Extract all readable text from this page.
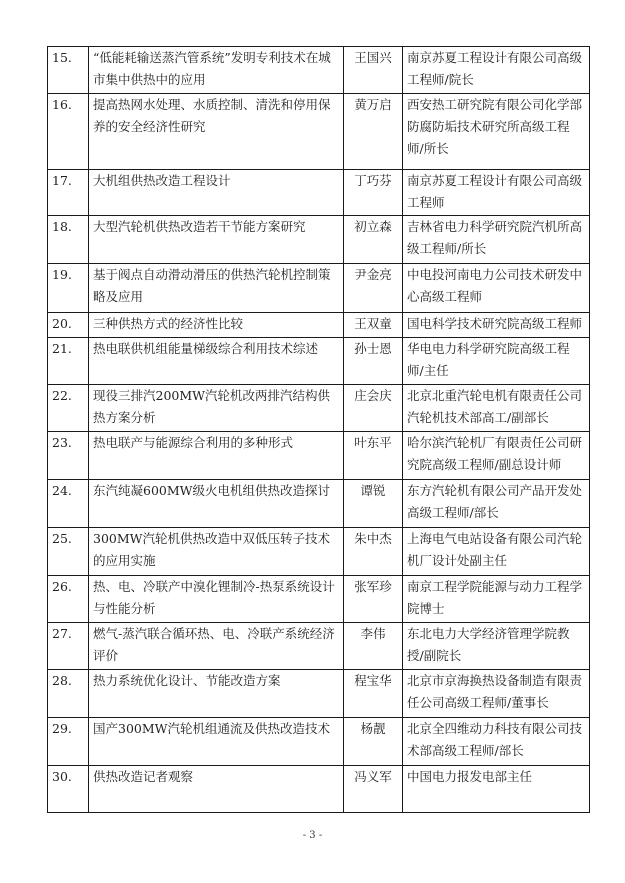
15.	“低能耗输送蒸汽管系统”发明专利技术在城市集中供热中的应用	王国兴	南京苏夏工程设计有限公司高级工程师/院长

16.	提高热网水处理、水质控制、清洗和停用保养的安全经济性研究	黄万启	西安热工研究院有限公司化学部防腐防垢技术研究所高级工程师/所长

17.	大机组供热改造工程设计	丁巧芬	南京苏夏工程设计有限公司高级工程师

18.	大型汽轮机供热改造若干节能方案研究	初立森	吉林省电力科学研究院汽机所高级工程师/所长

19.	基于阀点自动滑动滑压的供热汽轮机控制策略及应用	尹金亮	中电投河南电力公司技术研发中心高级工程师

20.	三种供热方式的经济性比较	王双童	国电科学技术研究院高级工程师

21.	热电联供机组能量梯级综合利用技术综述	孙士恩	华电电力科学研究院高级工程师/主任

22.	现役三排汽200MW汽轮机改两排汽结构供热方案分析	庄会庆	北京北重汽轮电机有限责任公司汽轮机技术部高工/副部长

23.	热电联产与能源综合利用的多种形式	叶东平	哈尔滨汽轮机厂有限责任公司研究院高级工程师/副总设计师

24.	东汽纯凝600MW级火电机组供热改造探讨	谭锐	东方汽轮机有限公司产品开发处高级工程师/部长

25.	300MW汽轮机供热改造中双低压转子技术的应用实施	朱中杰	上海电气电站设备有限公司汽轮机厂设计处副主任

26.	热、电、冷联产中溴化锂制冷-热泵系统设计与性能分析	张军珍	南京工程学院能源与动力工程学院博士

27.	燃气-蒸汽联合循环热、电、冷联产系统经济评价	李伟	东北电力大学经济管理学院教授/副院长

28.	热力系统优化设计、节能改造方案	程宝华	北京市京海换热设备制造有限责任公司高级工程师/董事长

29.	国产300MW汽轮机组通流及供热改造技术	杨靓	北京全四维动力科技有限公司技术部高级工程师/部长

30.	供热改造记者观察	冯义军	中国电力报发电部主任
- 3 -
